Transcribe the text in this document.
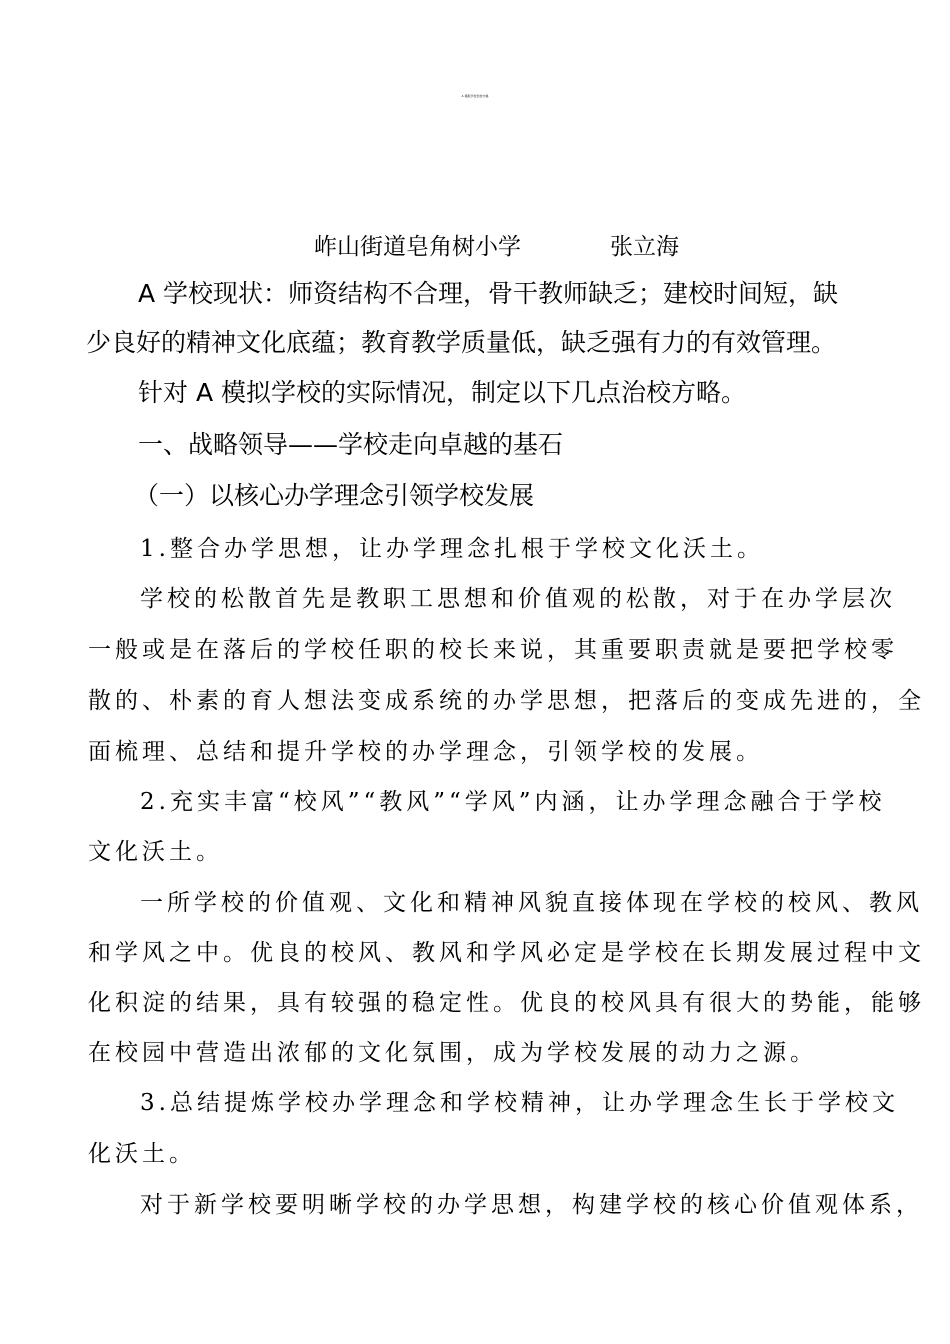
A 模拟学校治校方略
岞山街道皂角树小学	张立海
A 学校现状：师资结构不合理，骨干教师缺乏；建校时间短，缺
少良好的精神文化底蕴；教育教学质量低，缺乏强有力的有效管理。
针对 A 模拟学校的实际情况，制定以下几点治校方略。
一、战略领导——学校走向卓越的基石
（一）以核心办学理念引领学校发展
1.整合办学思想，让办学理念扎根于学校文化沃土。
学校的松散首先是教职工思想和价值观的松散，对于在办学层次
一般或是在落后的学校任职的校长来说，其重要职责就是要把学校零
散的、朴素的育人想法变成系统的办学思想，把落后的变成先进的，全
面梳理、总结和提升学校的办学理念，引领学校的发展。
2.充实丰富“校风”“教风”“学风”内涵，让办学理念融合于学校
文化沃土。
一所学校的价值观、文化和精神风貌直接体现在学校的校风、教风
和学风之中。优良的校风、教风和学风必定是学校在长期发展过程中文
化积淀的结果，具有较强的稳定性。优良的校风具有很大的势能，能够
在校园中营造出浓郁的文化氛围，成为学校发展的动力之源。
3.总结提炼学校办学理念和学校精神，让办学理念生长于学校文
化沃土。
对于新学校要明晰学校的办学思想，构建学校的核心价值观体系，
